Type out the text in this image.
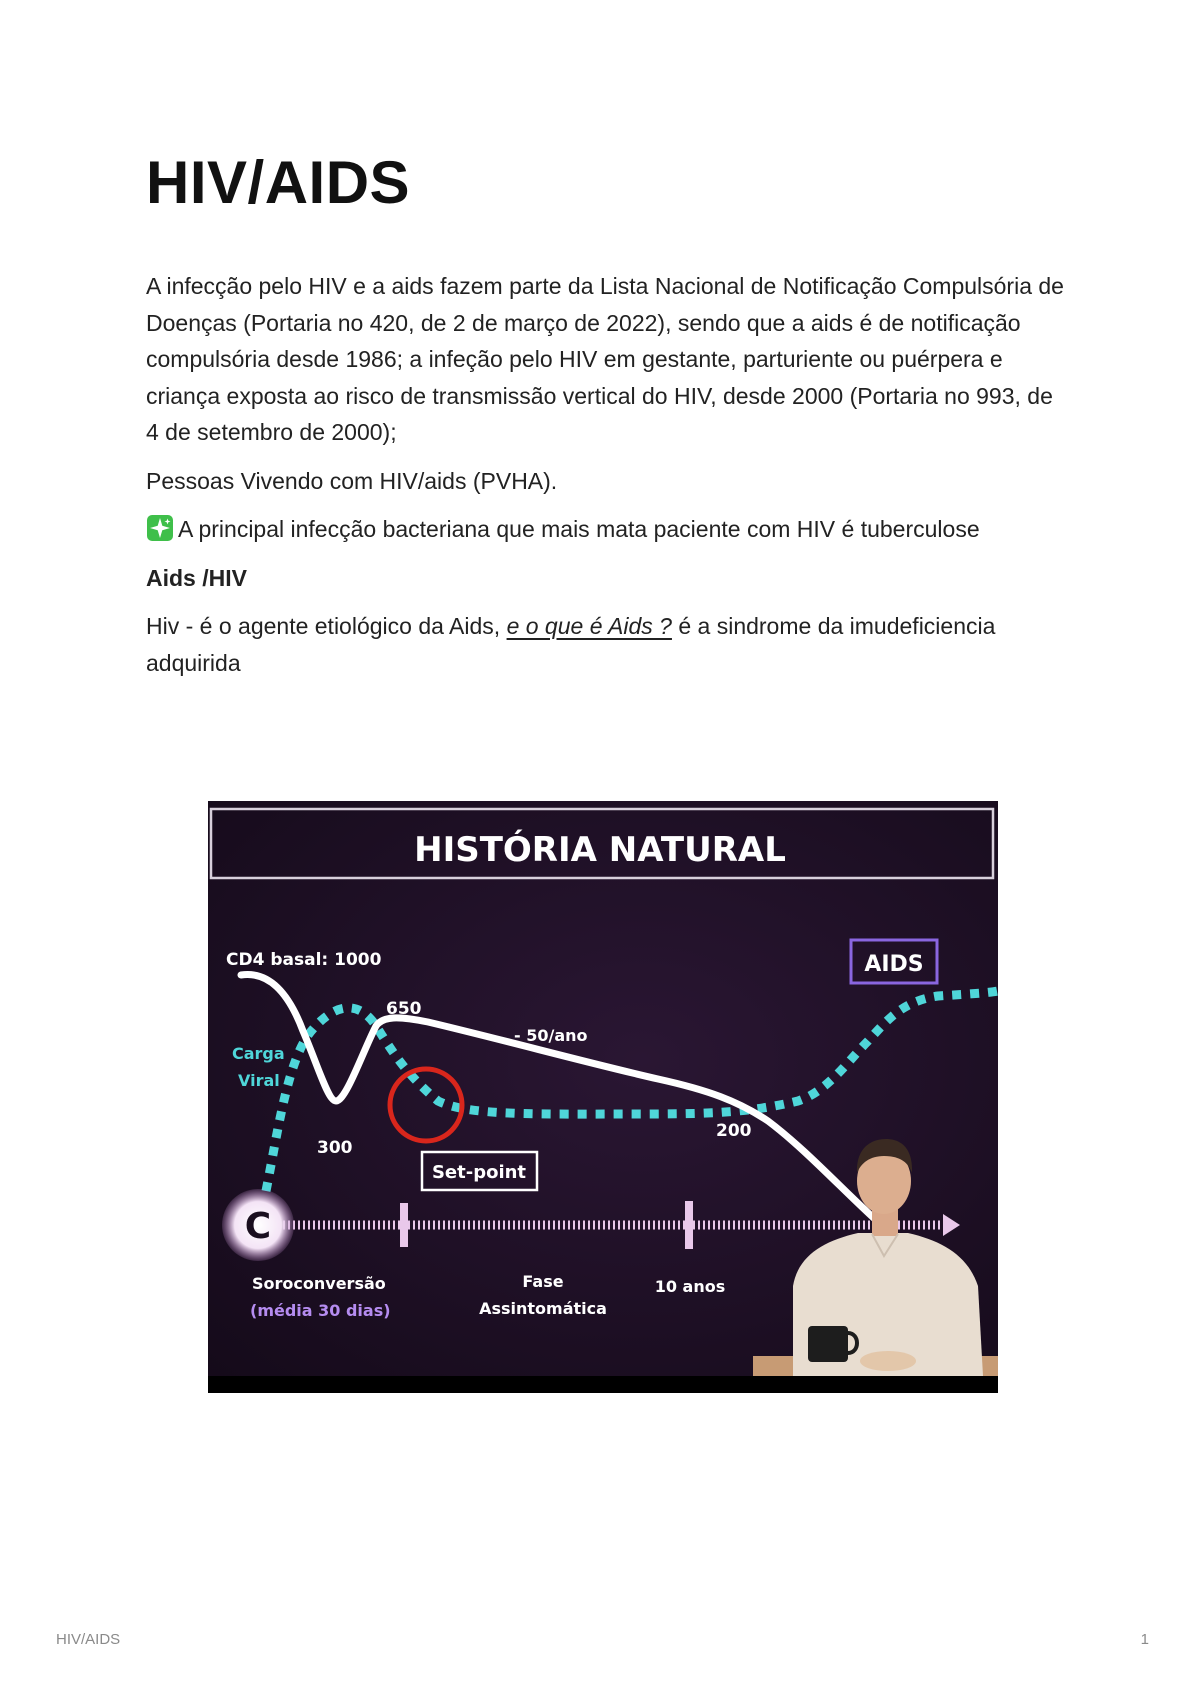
HIV/AIDS

A infecção pelo HIV e a aids fazem parte da Lista Nacional de Notificação Compulsória de Doenças (Portaria no 420, de 2 de março de 2022), sendo que a aids é de notificação compulsória desde 1986; a infeção pelo HIV em gestante, parturiente ou puérpera e criança exposta ao risco de transmissão vertical do HIV, desde 2000 (Portaria no 993, de 4 de setembro de 2000);

Pessoas Vivendo com HIV/aids (PVHA).

A principal infecção bacteriana que mais mata paciente com HIV é tuberculose

Aids /HIV

Hiv - é o agente etiológico da Aids, e o que é Aids ? é a sindrome da imudeficiencia adquirida

HISTÓRIA NATURAL
CD4 basal: 1000	AIDS
650
- 50/ano
300
200
Carga
Viral
Set-point
C
Soroconversão
(média 30 dias)
Fase
Assintomática
10 anos
HIV/AIDS	1
